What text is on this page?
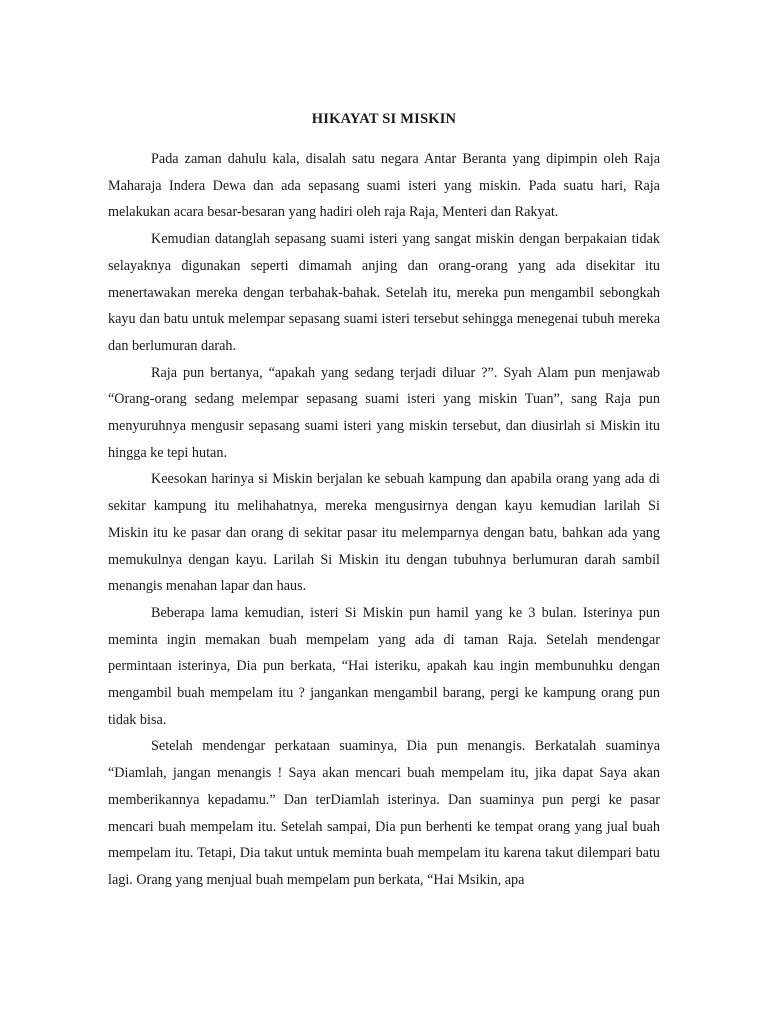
HIKAYAT SI MISKIN

Pada zaman dahulu kala, disalah satu negara Antar Beranta yang dipimpin oleh Raja Maharaja Indera Dewa dan ada sepasang suami isteri yang miskin. Pada suatu hari, Raja melakukan acara besar-besaran yang hadiri oleh raja Raja, Menteri dan Rakyat.

Kemudian datanglah sepasang suami isteri yang sangat miskin dengan berpakaian tidak selayaknya digunakan seperti dimamah anjing dan orang-orang yang ada disekitar itu menertawakan mereka dengan terbahak-bahak. Setelah itu, mereka pun mengambil sebongkah kayu dan batu untuk melempar sepasang suami isteri tersebut sehingga menegenai tubuh mereka dan berlumuran darah.

Raja pun bertanya, “apakah yang sedang terjadi diluar ?”. Syah Alam pun menjawab “Orang-orang sedang melempar sepasang suami isteri yang miskin Tuan”, sang Raja pun menyuruhnya mengusir sepasang suami isteri yang miskin tersebut, dan diusirlah si Miskin itu hingga ke tepi hutan.

Keesokan harinya si Miskin berjalan ke sebuah kampung dan apabila orang yang ada di sekitar kampung itu melihahatnya, mereka mengusirnya dengan kayu kemudian larilah Si Miskin itu ke pasar dan orang di sekitar pasar itu melemparnya dengan batu, bahkan ada yang memukulnya dengan kayu. Larilah Si Miskin itu dengan tubuhnya berlumuran darah sambil menangis menahan lapar dan haus.

Beberapa lama kemudian, isteri Si Miskin pun hamil yang ke 3 bulan. Isterinya pun meminta ingin memakan buah mempelam yang ada di taman Raja. Setelah mendengar permintaan isterinya, Dia pun berkata, “Hai isteriku, apakah kau ingin membunuhku dengan mengambil buah mempelam itu ? jangankan mengambil barang, pergi ke kampung orang pun tidak bisa.

Setelah mendengar perkataan suaminya, Dia pun menangis. Berkatalah suaminya “Diamlah, jangan menangis ! Saya akan mencari buah mempelam itu, jika dapat Saya akan memberikannya kepadamu.” Dan terDiamlah isterinya. Dan suaminya pun pergi ke pasar mencari buah mempelam itu. Setelah sampai, Dia pun berhenti ke tempat orang yang jual buah mempelam itu. Tetapi, Dia takut untuk meminta buah mempelam itu karena takut dilempari batu lagi. Orang yang menjual buah mempelam pun berkata, “Hai Msikin, apa
